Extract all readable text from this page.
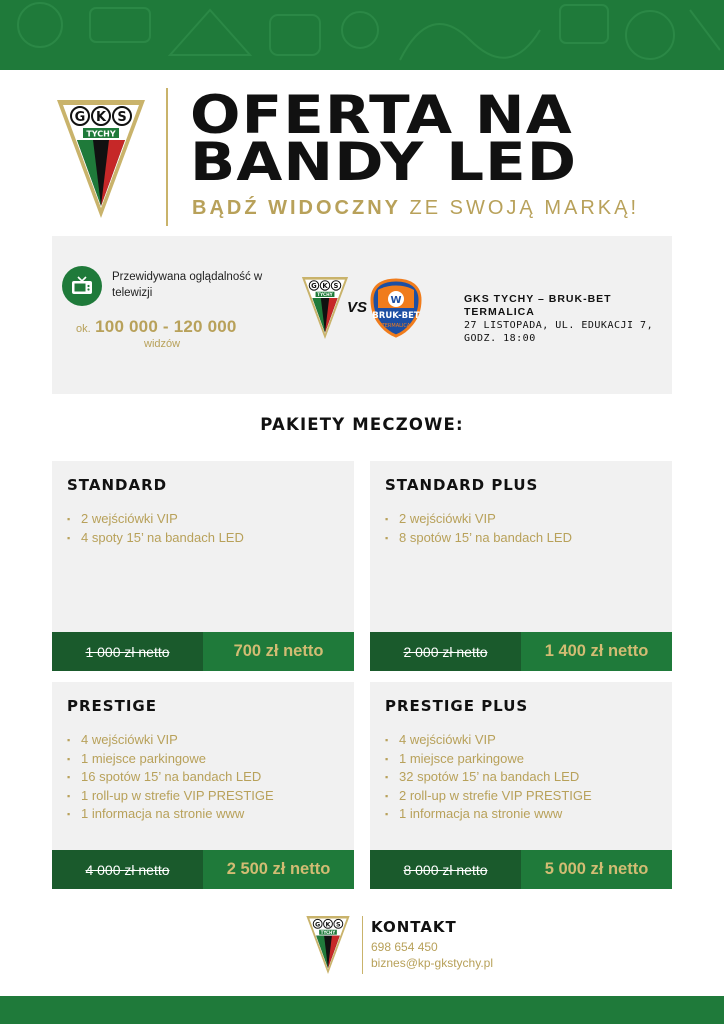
G K S
TYCHY OFERTA NA
BANDY LED
BĄDŹ WIDOCZNY ZE SWOJĄ MARKĄ!
Przewidywana oglądalność w telewizji
ok. 100 000 - 120 000
widzów
G K S
TYCHY
VS W
BRUK-BET
TERMALICA
GKS TYCHY – BRUK-BET TERMALICA
27 LISTOPADA, UL. EDUKACJI 7,
GODZ. 18:00
PAKIETY MECZOWE:
STANDARD
▪ 2 wejściówki VIP
▪ 4 spoty 15’ na bandach LED
1 000 zł netto	700 zł netto
STANDARD PLUS
▪ 2 wejściówki VIP
▪ 8 spotów 15’ na bandach LED
2 000 zł netto	1 400 zł netto
PRESTIGE
▪ 4 wejściówki VIP
▪ 1 miejsce parkingowe
▪ 16 spotów 15’ na bandach LED
▪ 1 roll-up w strefie VIP PRESTIGE
▪ 1 informacja na stronie www
4 000 zł netto	2 500 zł netto
PRESTIGE PLUS
▪ 4 wejściówki VIP
▪ 1 miejsce parkingowe
▪ 32 spotów 15’ na bandach LED
▪ 2 roll-up w strefie VIP PRESTIGE
▪ 1 informacja na stronie www
8 000 zł netto	5 000 zł netto
G K S
TYCHY KONTAKT
698 654 450
biznes@kp-gkstychy.pl
